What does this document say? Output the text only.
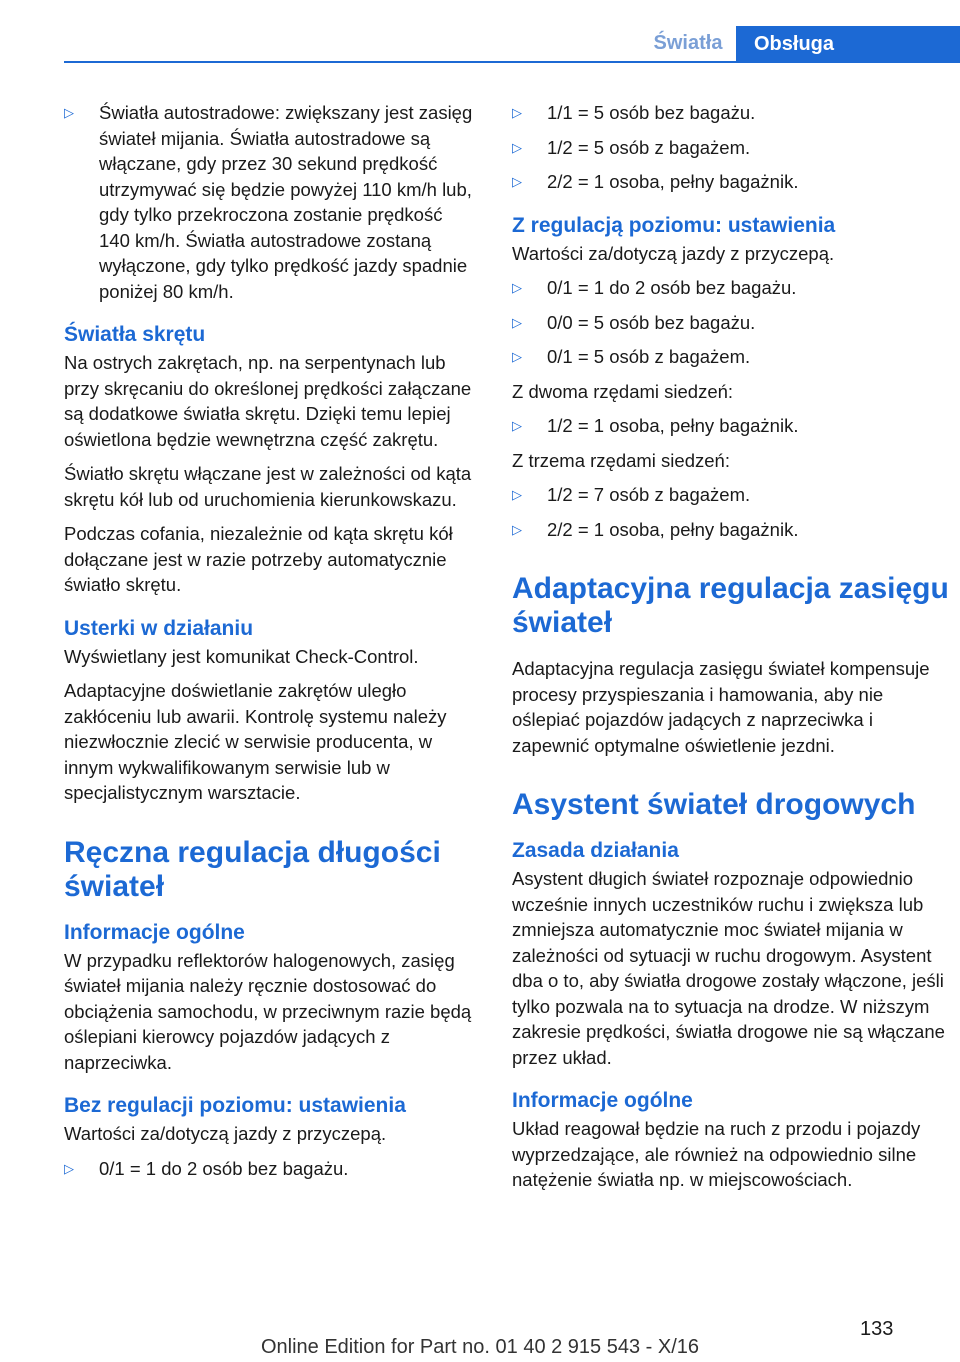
Światła	Obsługa
▷ Światła autostradowe: zwiększany jest zasięg świateł mijania. Światła autostradowe są włączane, gdy przez 30 sekund prędkość utrzymywać się będzie powyżej 110 km/h lub, gdy tylko przekroczona zostanie prędkość 140 km/h. Światła autostradowe zostaną wyłączone, gdy tylko prędkość jazdy spadnie poniżej 80 km/h.
Światła skrętu

Na ostrych zakrętach, np. na serpentynach lub przy skręcaniu do określonej prędkości załączane są dodatkowe światła skrętu. Dzięki temu lepiej oświetlona będzie wewnętrzna część zakrętu.

Światło skrętu włączane jest w zależności od kąta skrętu kół lub od uruchomienia kierunkowskazu.

Podczas cofania, niezależnie od kąta skrętu kół dołączane jest w razie potrzeby automatycznie światło skrętu.

Usterki w działaniu

Wyświetlany jest komunikat Check-Control.

Adaptacyjne doświetlanie zakrętów uległo zakłóceniu lub awarii. Kontrolę systemu należy niezwłocznie zlecić w serwisie producenta, w innym wykwalifikowanym serwisie lub w specjalistycznym warsztacie.

Ręczna regulacja długości świateł
Informacje ogólne

W przypadku reflektorów halogenowych, zasięg świateł mijania należy ręcznie dostosować do obciążenia samochodu, w przeciwnym razie będą oślepiani kierowcy pojazdów jadących z naprzeciwka.

Bez regulacji poziomu: ustawienia

Wartości za/dotyczą jazdy z przyczepą.

▷ 0/1 = 1 do 2 osób bez bagażu.
▷ 1/1 = 5 osób bez bagażu.
▷ 1/2 = 5 osób z bagażem.
▷ 2/2 = 1 osoba, pełny bagażnik.
Z regulacją poziomu: ustawienia

Wartości za/dotyczą jazdy z przyczepą.

▷ 0/1 = 1 do 2 osób bez bagażu.
▷ 0/0 = 5 osób bez bagażu.
▷ 0/1 = 5 osób z bagażem.

Z dwoma rzędami siedzeń:

▷ 1/2 = 1 osoba, pełny bagażnik.

Z trzema rzędami siedzeń:

▷ 1/2 = 7 osób z bagażem.
▷ 2/2 = 1 osoba, pełny bagażnik.
Adaptacyjna regulacja zasięgu świateł

Adaptacyjna regulacja zasięgu świateł kompensuje procesy przyspieszania i hamowania, aby nie oślepiać pojazdów jadących z naprzeciwka i zapewnić optymalne oświetlenie jezdni.

Asystent świateł drogowych
Zasada działania

Asystent długich świateł rozpoznaje odpowiednio wcześnie innych uczestników ruchu i zwiększa lub zmniejsza automatycznie moc świateł mijania w zależności od sytuacji w ruchu drogowym. Asystent dba o to, aby światła drogowe zostały włączone, jeśli tylko pozwala na to sytuacja na drodze. W niższym zakresie prędkości, światła drogowe nie są włączane przez układ.

Informacje ogólne

Układ reagował będzie na ruch z przodu i pojazdy wyprzedzające, ale również na odpowiednio silne natężenie światła np. w miejscowościach.

133
Online Edition for Part no. 01 40 2 915 543 - X/16
